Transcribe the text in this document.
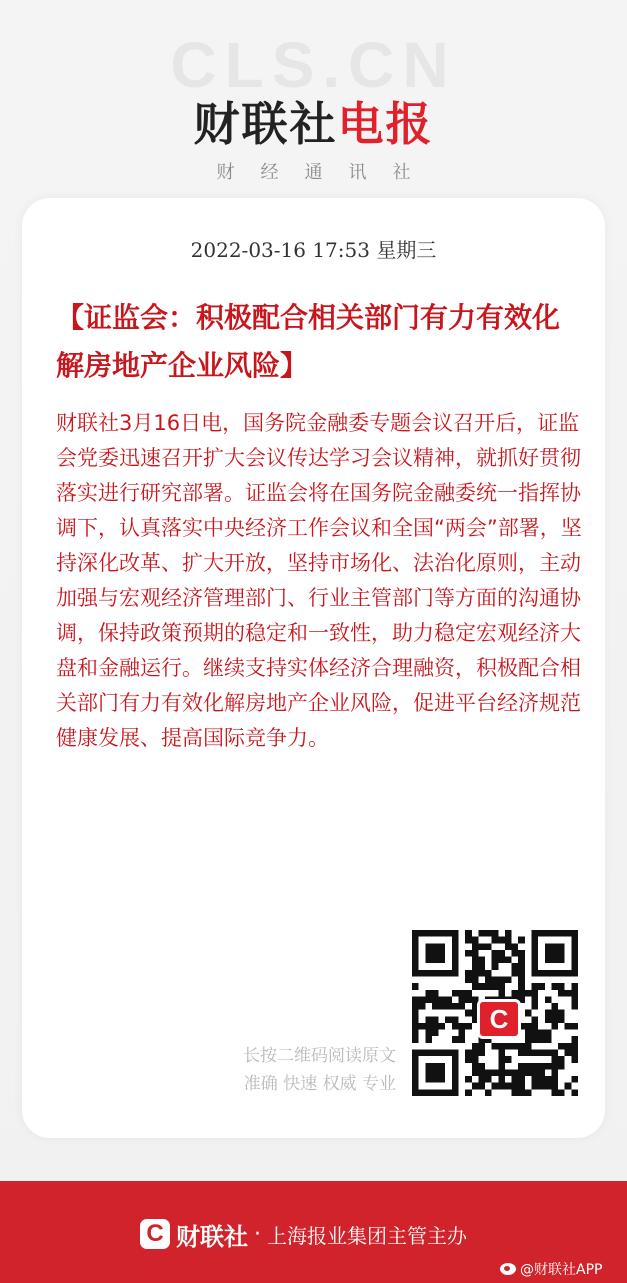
CLS.CN
财联社电报
财经通讯社
2022-03-16 17:53 星期三
【证监会：积极配合相关部门有力有效化解房地产企业风险】
财联社3月16日电，国务院金融委专题会议召开后，证监会党委迅速召开扩大会议传达学习会议精神，就抓好贯彻落实进行研究部署。证监会将在国务院金融委统一指挥协调下，认真落实中央经济工作会议和全国“两会”部署，坚持深化改革、扩大开放，坚持市场化、法治化原则，主动加强与宏观经济管理部门、行业主管部门等方面的沟通协调，保持政策预期的稳定和一致性，助力稳定宏观经济大盘和金融运行。继续支持实体经济合理融资，积极配合相关部门有力有效化解房地产企业风险，促进平台经济规范健康发展、提高国际竞争力。
长按二维码阅读原文
准确 快速 权威 专业
C
C 财联社 · 上海报业集团主管主办
@财联社APP
